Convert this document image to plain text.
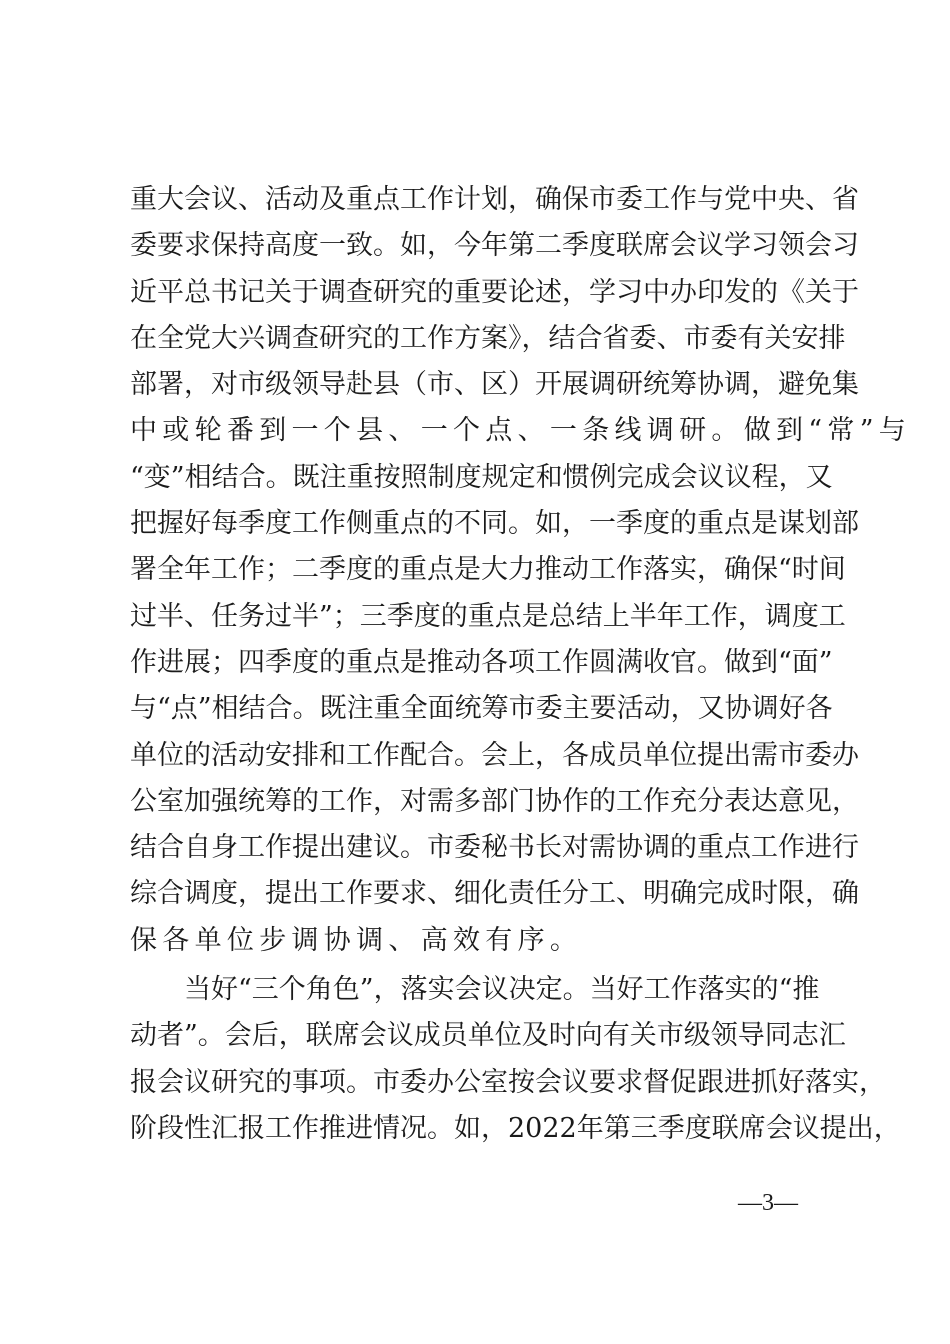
重大会议、活动及重点工作计划，确保市委工作与党中央、省
委要求保持高度一致。如，今年第二季度联席会议学习领会习
近平总书记关于调查研究的重要论述，学习中办印发的《关于
在全党大兴调查研究的工作方案》，结合省委、市委有关安排
部署，对市级领导赴县（市、区）开展调研统筹协调，避免集
中或轮番到一个县、一个点、一条线调研。做到“常”与
“变”相结合。既注重按照制度规定和惯例完成会议议程，又
把握好每季度工作侧重点的不同。如，一季度的重点是谋划部
署全年工作；二季度的重点是大力推动工作落实，确保“时间
过半、任务过半”；三季度的重点是总结上半年工作，调度工
作进展；四季度的重点是推动各项工作圆满收官。做到“面”
与“点”相结合。既注重全面统筹市委主要活动，又协调好各
单位的活动安排和工作配合。会上，各成员单位提出需市委办
公室加强统筹的工作，对需多部门协作的工作充分表达意见，
结合自身工作提出建议。市委秘书长对需协调的重点工作进行
综合调度，提出工作要求、细化责任分工、明确完成时限，确
保各单位步调协调、高效有序。
　　当好“三个角色”，落实会议决定。当好工作落实的“推
动者”。会后，联席会议成员单位及时向有关市级领导同志汇
报会议研究的事项。市委办公室按会议要求督促跟进抓好落实，
阶段性汇报工作推进情况。如，2022年第三季度联席会议提出，
—3—
